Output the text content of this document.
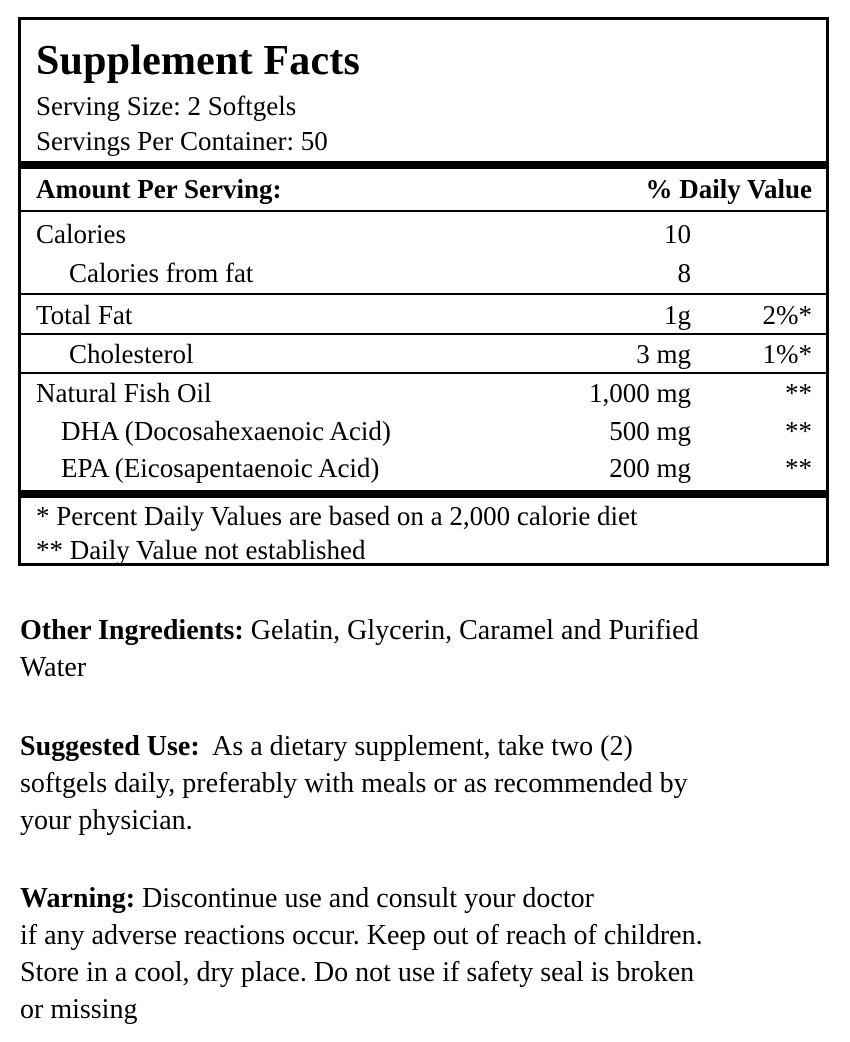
Supplement Facts
Serving Size: 2 Softgels
Servings Per Container: 50
Amount Per Serving:	% Daily Value
Calories	10
Calories from fat	8
Total Fat	1g	2%*
Cholesterol	3 mg	1%*
Natural Fish Oil	1,000 mg	**
DHA (Docosahexaenoic Acid)	500 mg	**
EPA (Eicosapentaenoic Acid)	200 mg	**
* Percent Daily Values are based on a 2,000 calorie diet
** Daily Value not established

Other Ingredients: Gelatin, Glycerin, Caramel and Purified
Water

Suggested Use:  As a dietary supplement, take two (2)
softgels daily, preferably with meals or as recommended by
your physician.

Warning: Discontinue use and consult your doctor
if any adverse reactions occur. Keep out of reach of children.
Store in a cool, dry place. Do not use if safety seal is broken
or missing
